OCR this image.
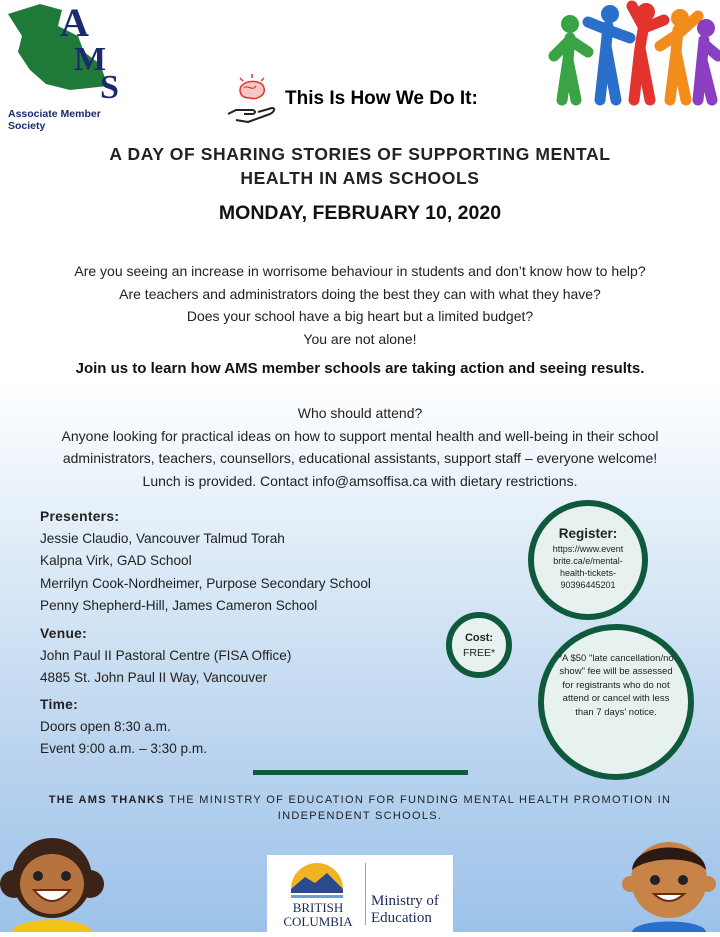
A
M
S
Associate Member Society
This Is How We Do It:
A DAY OF SHARING STORIES OF SUPPORTING MENTAL
HEALTH IN AMS SCHOOLS
MONDAY, FEBRUARY 10, 2020
Are you seeing an increase in worrisome behaviour in students and don’t know how to help?
Are teachers and administrators doing the best they can with what they have?
Does your school have a big heart but a limited budget?
You are not alone!
Join us to learn how AMS member schools are taking action and seeing results.
Who should attend?
Anyone looking for practical ideas on how to support mental health and well-being in their school
administrators, teachers, counsellors, educational assistants, support staff – everyone welcome!
Lunch is provided. Contact info@amsoffisa.ca with dietary restrictions.
Presenters:
Jessie Claudio, Vancouver Talmud Torah
Kalpna Virk, GAD School
Merrilyn Cook-Nordheimer, Purpose Secondary School
Penny Shepherd-Hill, James Cameron School
Venue:
John Paul II Pastoral Centre (FISA Office)
4885 St. John Paul II Way, Vancouver
Time:
Doors open 8:30 a.m.
Event 9:00 a.m. – 3:30 p.m.
Register:
https://www.event
brite.ca/e/mental-
health-tickets-
90396445201
Cost:
FREE*	*A $50 "late cancellation/no show" fee will be assessed for registrants who do not attend or cancel with less than 7 days' notice.
THE AMS THANKS THE MINISTRY OF EDUCATION FOR FUNDING MENTAL HEALTH PROMOTION IN INDEPENDENT SCHOOLS.
BRITISH
COLUMBIA
Ministry of
Education
